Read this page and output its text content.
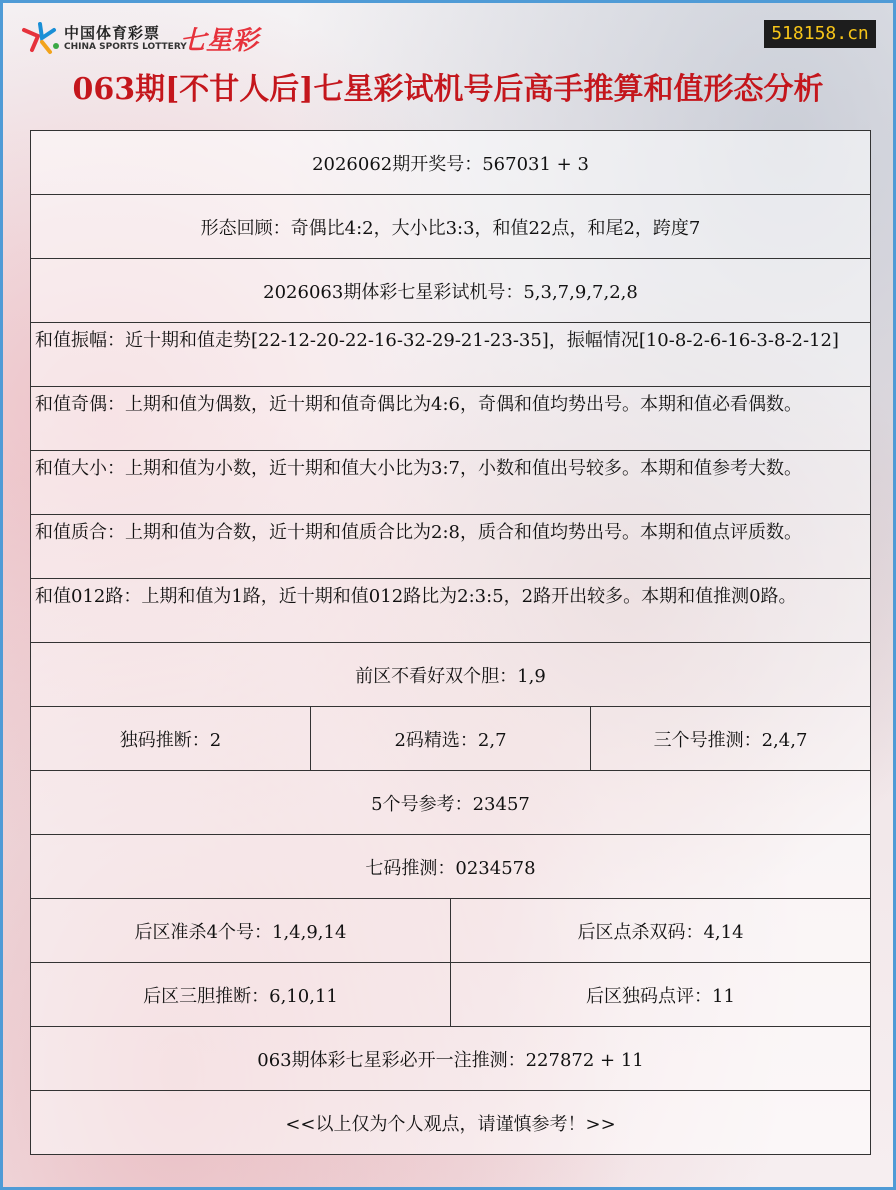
中国体育彩票
CHINA SPORTS LOTTERY
七星彩	518158.cn
063期[不甘人后]七星彩试机号后高手推算和值形态分析
2026062期开奖号：567031 + 3
形态回顾：奇偶比4:2，大小比3:3，和值22点，和尾2，跨度7
2026063期体彩七星彩试机号：5,3,7,9,7,2,8
和值振幅：近十期和值走势[22-12-20-22-16-32-29-21-23-35]，振幅情况[10-8-2-6-16-3-8-2-12]
和值奇偶：上期和值为偶数，近十期和值奇偶比为4:6，奇偶和值均势出号。本期和值必看偶数。
和值大小：上期和值为小数，近十期和值大小比为3:7，小数和值出号较多。本期和值参考大数。
和值质合：上期和值为合数，近十期和值质合比为2:8，质合和值均势出号。本期和值点评质数。
和值012路：上期和值为1路，近十期和值012路比为2:3:5，2路开出较多。本期和值推测0路。
前区不看好双个胆：1,9
独码推断：2	2码精选：2,7	三个号推测：2,4,7
5个号参考：23457
七码推测：0234578
后区准杀4个号：1,4,9,14	后区点杀双码：4,14
后区三胆推断：6,10,11	后区独码点评：11
063期体彩七星彩必开一注推测：227872 + 11
<<以上仅为个人观点，请谨慎参考！>>
